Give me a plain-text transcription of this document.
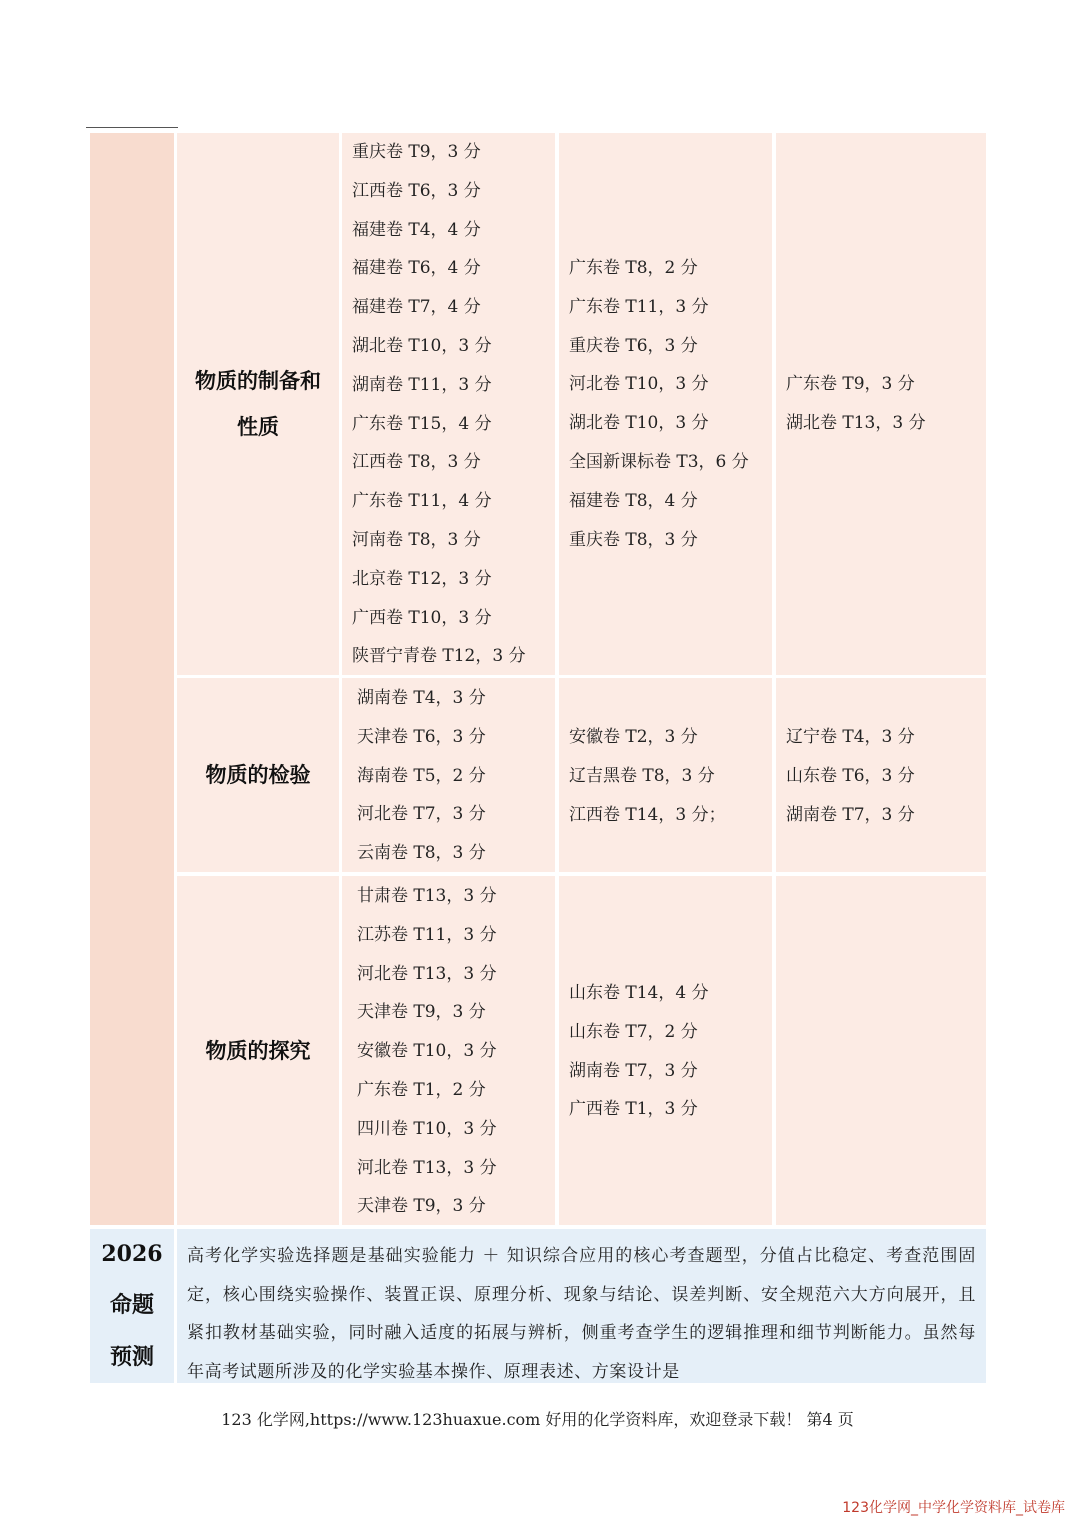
物质的制备和
性质
重庆卷 T9，3 分
江西卷 T6，3 分
福建卷 T4，4 分
福建卷 T6，4 分
福建卷 T7，4 分
湖北卷 T10，3 分
湖南卷 T11，3 分
广东卷 T15，4 分
江西卷 T8，3 分
广东卷 T11，4 分
河南卷 T8，3 分
北京卷 T12，3 分
广西卷 T10，3 分
陕晋宁青卷 T12，3 分
广东卷 T8，2 分
广东卷 T11，3 分
重庆卷 T6，3 分
河北卷 T10，3 分
湖北卷 T10，3 分
全国新课标卷 T3，6 分
福建卷 T8，4 分
重庆卷 T8，3 分
广东卷 T9，3 分
湖北卷 T13，3 分
物质的检验
湖南卷 T4，3 分
天津卷 T6，3 分
海南卷 T5，2 分
河北卷 T7，3 分
云南卷 T8，3 分
安徽卷 T2，3 分
辽吉黑卷 T8，3 分
江西卷 T14，3 分；
辽宁卷 T4，3 分
山东卷 T6，3 分
湖南卷 T7，3 分
物质的探究
甘肃卷 T13，3 分
江苏卷 T11，3 分
河北卷 T13，3 分
天津卷 T9，3 分
安徽卷 T10，3 分
广东卷 T1，2 分
四川卷 T10，3 分
河北卷 T13，3 分
天津卷 T9，3 分
山东卷 T14，4 分
山东卷 T7，2 分
湖南卷 T7，3 分
广西卷 T1，3 分
2026
命题
预测
高考化学实验选择题是基础实验能力 ＋ 知识综合应用的核心考查题型，分值占比稳定、考查范围固定，核心围绕实验操作、装置正误、原理分析、现象与结论、误差判断、安全规范六大方向展开，且紧扣教材基础实验，同时融入适度的拓展与辨析，侧重考查学生的逻辑推理和细节判断能力。虽然每年高考试题所涉及的化学实验基本操作、原理表述、方案设计是
123 化学网,https://www.123huaxue.com 好用的化学资料库，欢迎登录下载！ 第4 页
123化学网_中学化学资料库_试卷库
